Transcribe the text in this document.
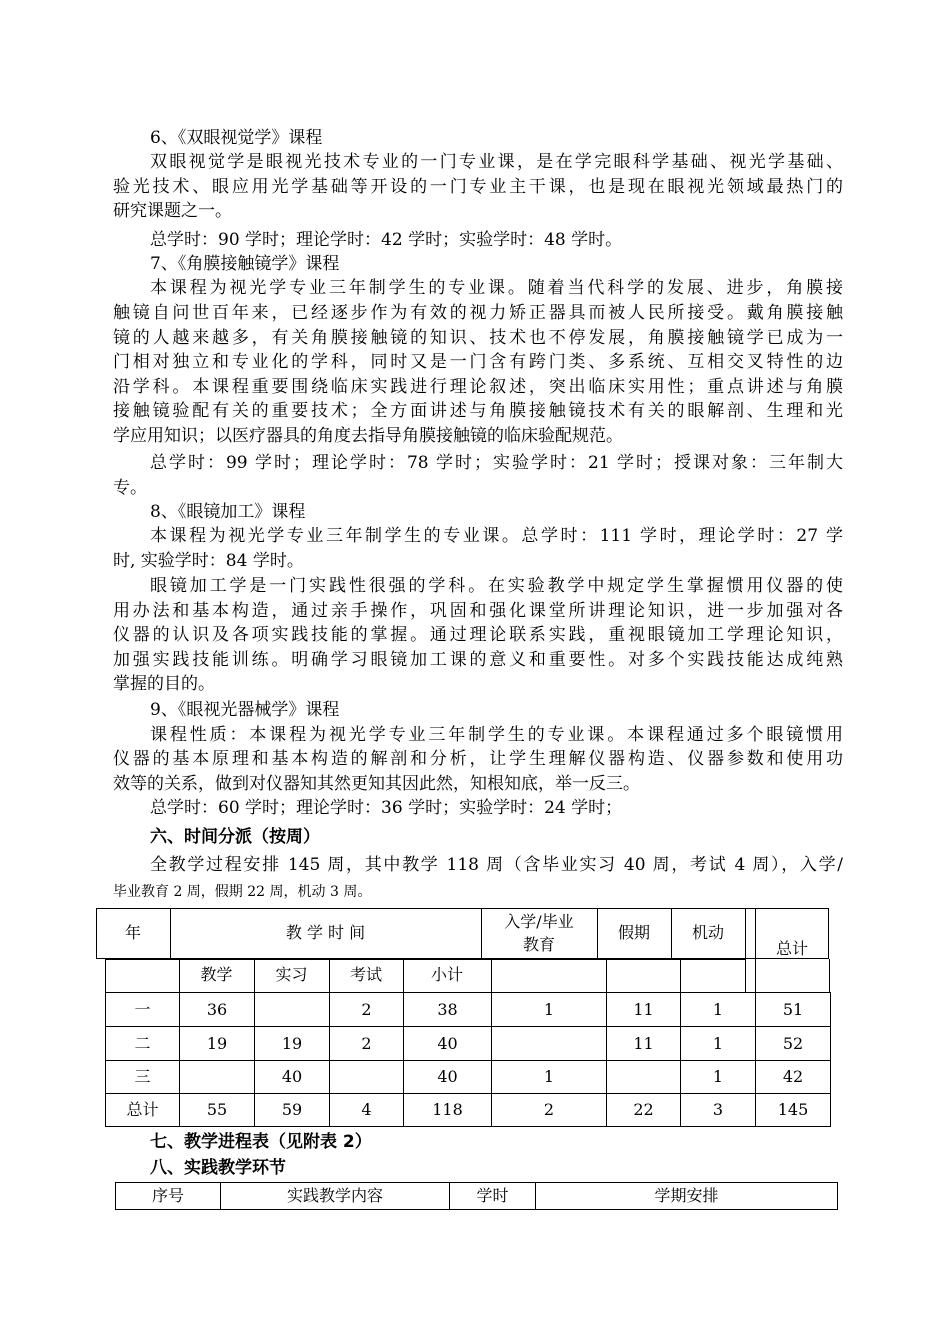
6、《双眼视觉学》课程
双眼视觉学是眼视光技术专业的一门专业课，是在学完眼科学基础、视光学基础、
验光技术、眼应用光学基础等开设的一门专业主干课，也是现在眼视光领域最热门的
研究课题之一。
总学时：90 学时；理论学时：42 学时；实验学时：48 学时。
7、《角膜接触镜学》课程
本课程为视光学专业三年制学生的专业课。随着当代科学的发展、进步，角膜接
触镜自问世百年来，已经逐步作为有效的视力矫正器具而被人民所接受。戴角膜接触
镜的人越来越多，有关角膜接触镜的知识、技术也不停发展，角膜接触镜学已成为一
门相对独立和专业化的学科，同时又是一门含有跨门类、多系统、互相交叉特性的边
沿学科。本课程重要围绕临床实践进行理论叙述，突出临床实用性；重点讲述与角膜
接触镜验配有关的重要技术；全方面讲述与角膜接触镜技术有关的眼解剖、生理和光
学应用知识；以医疗器具的角度去指导角膜接触镜的临床验配规范。
总学时：99 学时；理论学时：78 学时；实验学时：21 学时；授课对象：三年制大
专。
8、《眼镜加工》课程
本课程为视光学专业三年制学生的专业课。总学时：111 学时，理论学时：27 学
时, 实验学时：84 学时。
眼镜加工学是一门实践性很强的学科。在实验教学中规定学生掌握惯用仪器的使
用办法和基本构造，通过亲手操作，巩固和强化课堂所讲理论知识，进一步加强对各
仪器的认识及各项实践技能的掌握。通过理论联系实践，重视眼镜加工学理论知识，
加强实践技能训练。明确学习眼镜加工课的意义和重要性。对多个实践技能达成纯熟
掌握的目的。
9、《眼视光器械学》课程
课程性质：本课程为视光学专业三年制学生的专业课。本课程通过多个眼镜惯用
仪器的基本原理和基本构造的解剖和分析，让学生理解仪器构造、仪器参数和使用功
效等的关系，做到对仪器知其然更知其因此然，知根知底，举一反三。
总学时：60 学时；理论学时：36 学时；实验学时：24 学时；
六、时间分派（按周）
全教学过程安排 145 周，其中教学 118 周（含毕业实习 40 周，考试 4 周），入学/
毕业教育 2 周，假期 22 周，机动 3 周。
年	教 学 时 间
入学/毕业
教育
假期	机动
总计
教学	实习	考试	小计
一	36		2	38	1	11	1	51
二	19	19	2	40		11	1	52
三		40		40	1		1	42
总计	55	59	4	118	2	22	3	145
七、教学进程表（见附表 2）
八、实践教学环节
序号	实践教学内容	学时	学期安排
